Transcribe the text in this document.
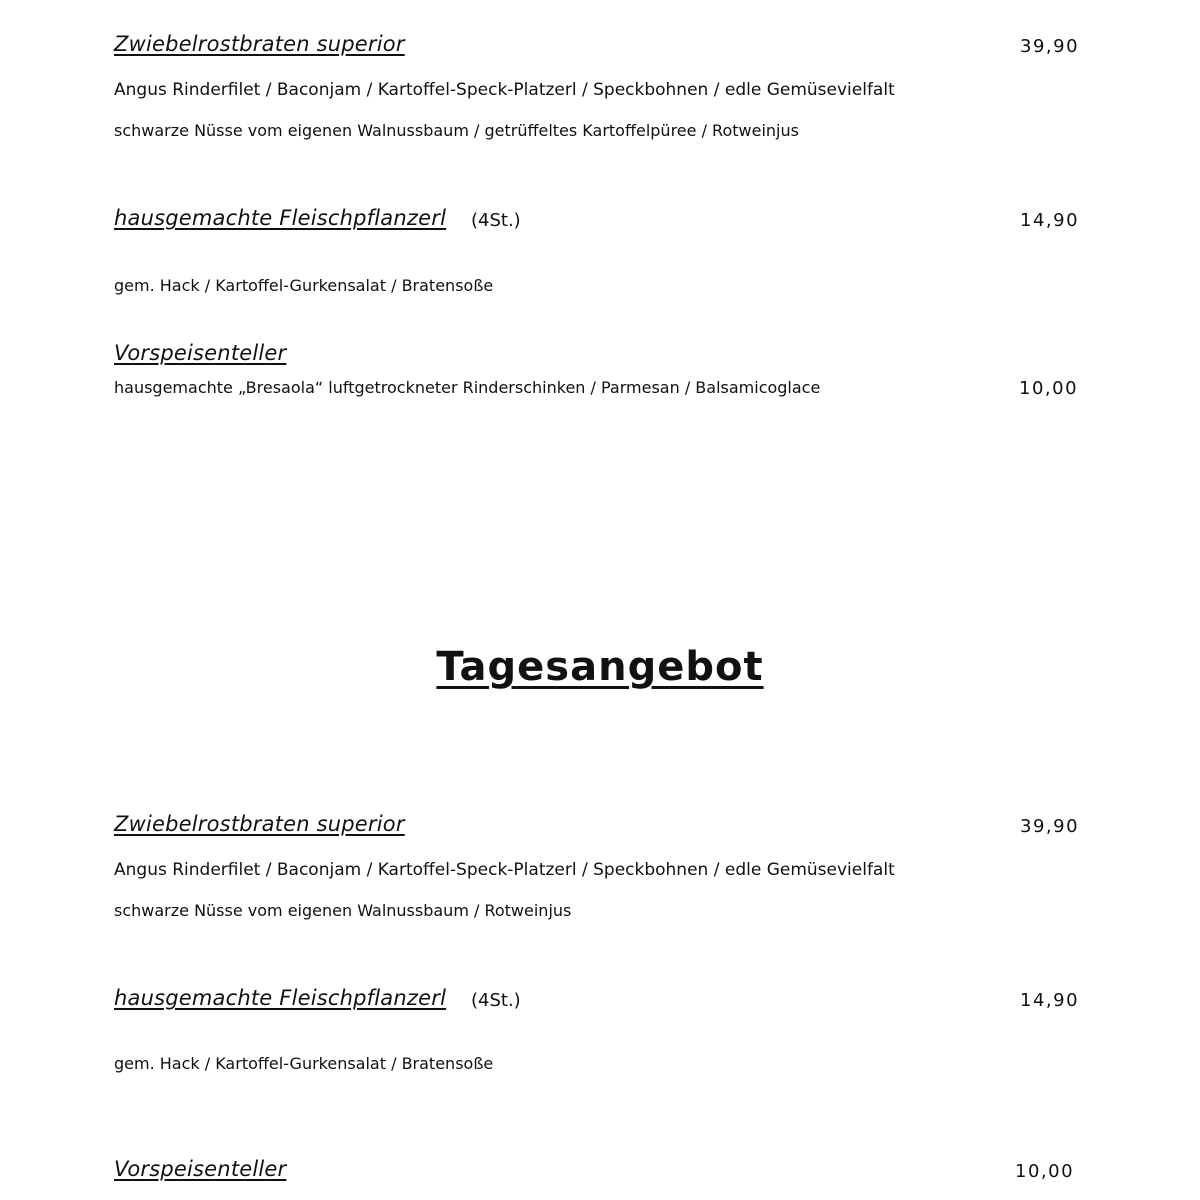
Zwiebelrostbraten superior	39,90
Angus Rinderfilet / Baconjam / Kartoffel-Speck-Platzerl / Speckbohnen / edle Gemüsevielfalt
schwarze Nüsse vom eigenen Walnussbaum / getrüffeltes Kartoffelpüree / Rotweinjus
hausgemachte Fleischpflanzerl (4St.)	14,90
gem. Hack / Kartoffel-Gurkensalat / Bratensoße
Vorspeisenteller
hausgemachte „Bresaola“ luftgetrockneter Rinderschinken / Parmesan / Balsamicoglace	10,00
Tagesangebot
Zwiebelrostbraten superior	39,90
Angus Rinderfilet / Baconjam / Kartoffel-Speck-Platzerl / Speckbohnen / edle Gemüsevielfalt
schwarze Nüsse vom eigenen Walnussbaum / Rotweinjus
hausgemachte Fleischpflanzerl (4St.)	14,90
gem. Hack / Kartoffel-Gurkensalat / Bratensoße
Vorspeisenteller	10,00
